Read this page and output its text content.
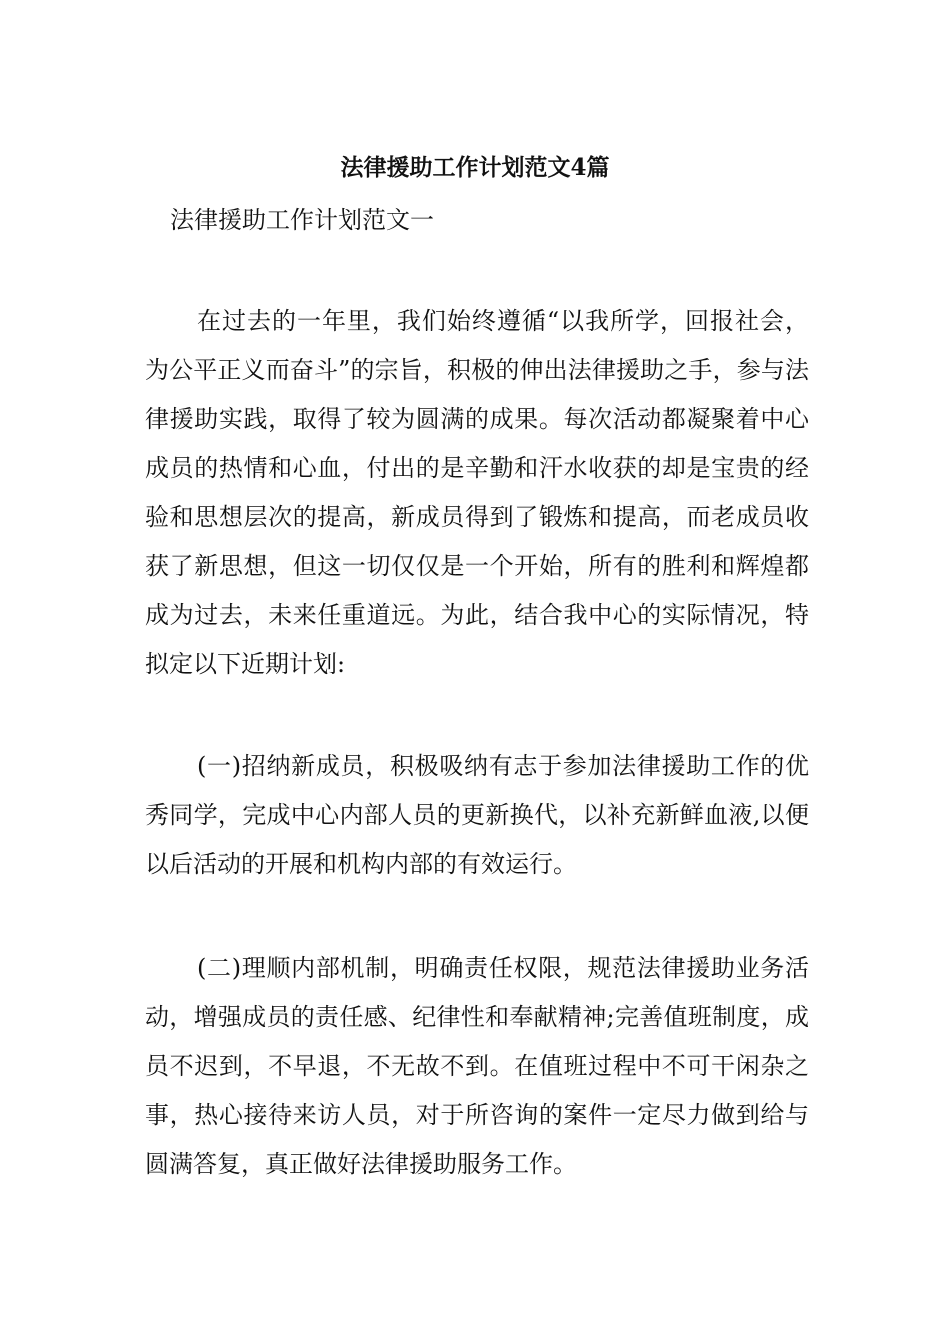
法律援助工作计划范文4篇
法律援助工作计划范文一

在过去的一年里，我们始终遵循“以我所学，回报社会，为公平正义而奋斗”的宗旨，积极的伸出法律援助之手，参与法律援助实践，取得了较为圆满的成果。每次活动都凝聚着中心成员的热情和心血，付出的是辛勤和汗水收获的却是宝贵的经验和思想层次的提高，新成员得到了锻炼和提高，而老成员收获了新思想，但这一切仅仅是一个开始，所有的胜利和辉煌都成为过去，未来任重道远。为此，结合我中心的实际情况，特拟定以下近期计划:

(一)招纳新成员，积极吸纳有志于参加法律援助工作的优秀同学，完成中心内部人员的更新换代，以补充新鲜血液,以便以后活动的开展和机构内部的有效运行。

(二)理顺内部机制，明确责任权限，规范法律援助业务活动，增强成员的责任感、纪律性和奉献精神;完善值班制度，成员不迟到，不早退，不无故不到。在值班过程中不可干闲杂之事，热心接待来访人员，对于所咨询的案件一定尽力做到给与圆满答复，真正做好法律援助服务工作。
